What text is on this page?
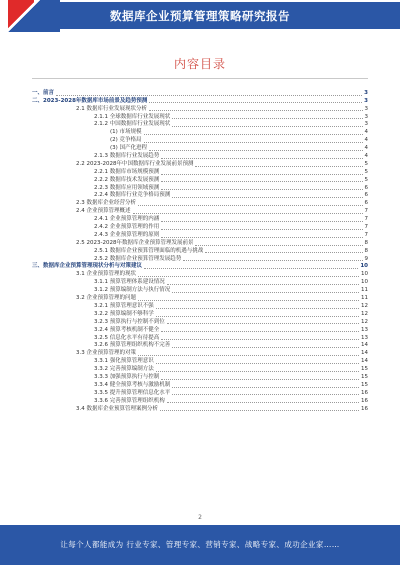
数据库企业预算管理策略研究报告
内容目录
一、前言	3
二、2023-2028年数据库市场前景及趋势预测	3
2.1 数据库行业发展现状分析	3
2.1.1 全球数据库行业发展现状	3
2.1.2 中国数据库行业发展现状	3
(1) 市场规模	4
(2) 竞争格局	4
(3) 国产化进程	4
2.1.3 数据库行业发展趋势	4
2.2 2023-2028年中国数据库行业发展前景预测	5
2.2.1 数据库市场规模预测	5
2.2.2 数据库技术发展预测	5
2.2.3 数据库应用领域预测	6
2.2.4 数据库行业竞争格局预测	6
2.3 数据库企业经营分析	6
2.4 企业预算管理概述	7
2.4.1 企业预算管理的内涵	7
2.4.2 企业预算管理的作用	7
2.4.3 企业预算管理的原则	7
2.5 2023-2028年数据库企业预算管理发展前景	8
2.5.1 数据库企业预算管理面临的机遇与挑战	8
2.5.2 数据库企业预算管理发展趋势	9
三、数据库企业预算管理现状分析与对策建议	10
3.1 企业预算管理的现状	10
3.1.1 预算管理体系建设情况	10
3.1.2 预算编制方法与执行情况	11
3.2 企业预算管理的问题	11
3.2.1 预算管理意识不强	12
3.2.2 预算编制不够科学	12
3.2.3 预算执行与控制不到位	12
3.2.4 预算考核机制不健全	13
3.2.5 信息化水平有待提高	13
3.2.6 预算管理组织机构不完善	14
3.3 企业预算管理的对策	14
3.3.1 强化预算管理意识	14
3.3.2 完善预算编制方法	15
3.3.3 加强预算执行与控制	15
3.3.4 健全预算考核与激励机制	15
3.3.5 提升预算管理信息化水平	16
3.3.6 完善预算管理组织机构	16
3.4 数据库企业预算管理案例分析	16
2
让每个人都能成为 行业专家、管理专家、营销专家、战略专家、成功企业家……
